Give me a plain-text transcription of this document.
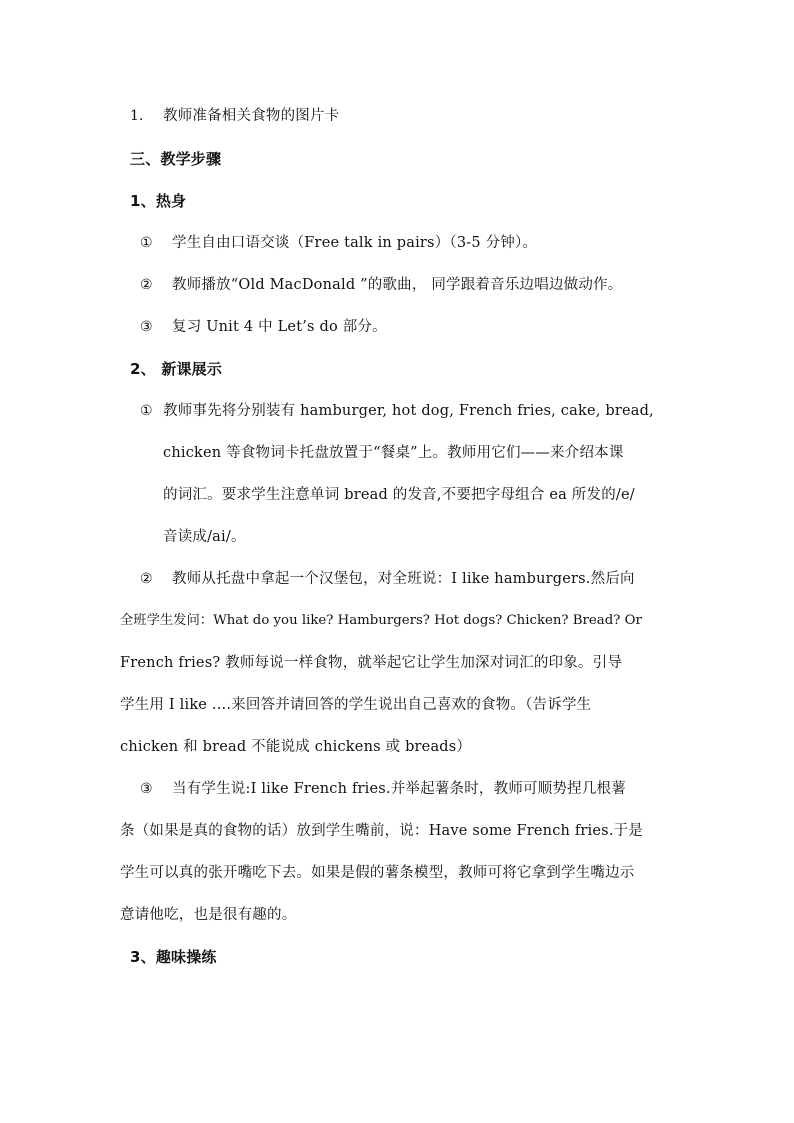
1. 教师准备相关食物的图片卡
三、教学步骤
1、热身
① 学生自由口语交谈（Free talk in pairs）（3-5 分钟）。
② 教师播放“Old MacDonald ”的歌曲， 同学跟着音乐边唱边做动作。
③ 复习 Unit 4 中 Let’s do 部分。
2、 新课展示
① 教师事先将分别装有 hamburger, hot dog, French fries, cake, bread,
chicken 等食物词卡托盘放置于“餐桌”上。教师用它们——来介绍本课
的词汇。要求学生注意单词 bread 的发音,不要把字母组合 ea 所发的/e/
音读成/ai/。
② 教师从托盘中拿起一个汉堡包，对全班说：I like hamburgers.然后向
全班学生发问：What do you like? Hamburgers? Hot dogs? Chicken? Bread? Or
French fries? 教师每说一样食物，就举起它让学生加深对词汇的印象。引导
学生用 I like ....来回答并请回答的学生说出自己喜欢的食物。（告诉学生
chicken 和 bread 不能说成 chickens 或 breads）
③ 当有学生说:I like French fries.并举起薯条时，教师可顺势捏几根薯
条（如果是真的食物的话）放到学生嘴前，说：Have some French fries.于是
学生可以真的张开嘴吃下去。如果是假的薯条模型，教师可将它拿到学生嘴边示
意请他吃，也是很有趣的。
3、趣味操练
